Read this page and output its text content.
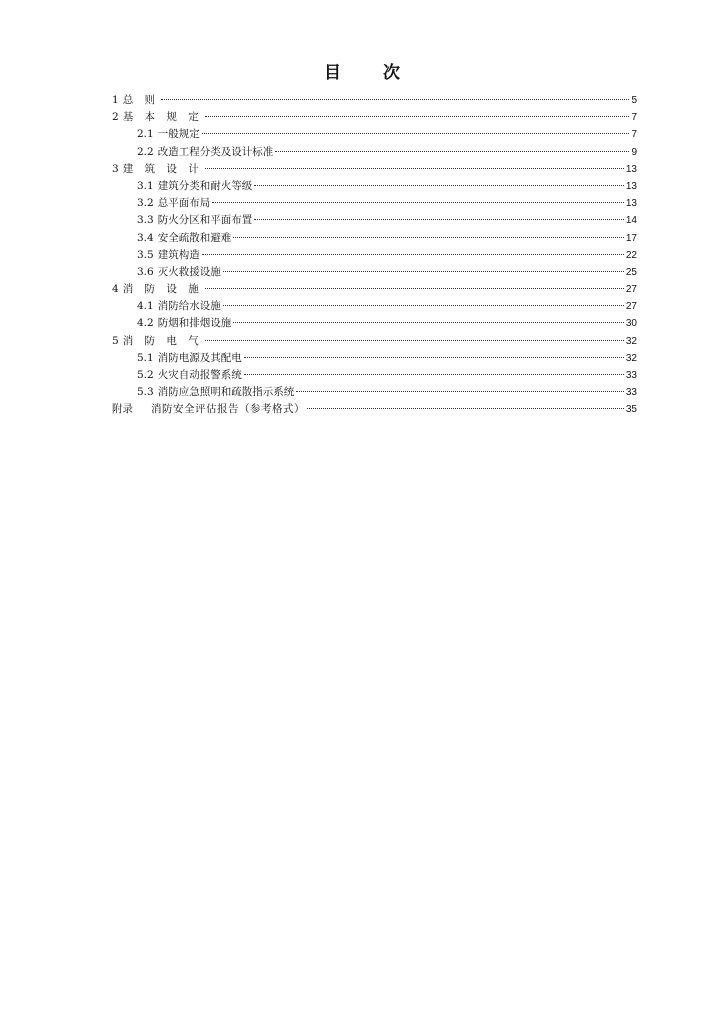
目 次
1 总 则	5
2 基 本 规 定	7
2.1 一般规定	7
2.2 改造工程分类及设计标准	9
3 建 筑 设 计	13
3.1 建筑分类和耐火等级	13
3.2 总平面布局	13
3.3 防火分区和平面布置	14
3.4 安全疏散和避难	17
3.5 建筑构造	22
3.6 灭火救援设施	25
4 消 防 设 施	27
4.1 消防给水设施	27
4.2 防烟和排烟设施	30
5 消 防 电 气	32
5.1 消防电源及其配电	32
5.2 火灾自动报警系统	33
5.3 消防应急照明和疏散指示系统	33
附录 消防安全评估报告（参考格式）	35
